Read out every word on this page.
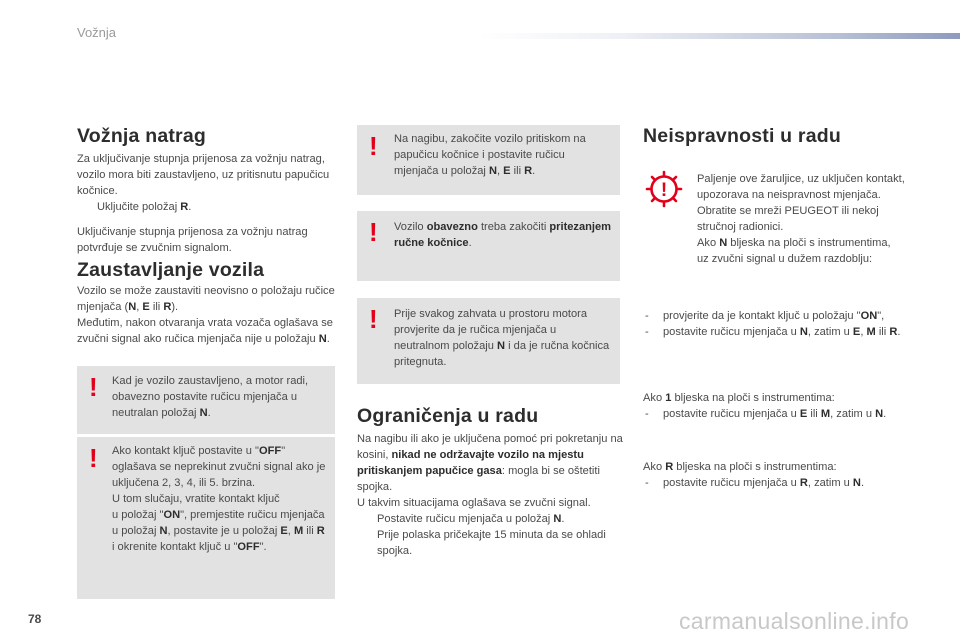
Vožnja
Vožnja natrag

Za uključivanje stupnja prijenosa za vožnju natrag, vozilo mora biti zaustavljeno, uz pritisnutu papučicu kočnice.

Uključite položaj R.

Uključivanje stupnja prijenosa za vožnju natrag potvrđuje se zvučnim signalom.

Zaustavljanje vozila

Vozilo se može zaustaviti neovisno o položaju ručice mjenjača (N, E ili R).

Međutim, nakon otvaranja vrata vozača oglašava se zvučni signal ako ručica mjenjača nije u položaju N.

! Kad je vozilo zaustavljeno, a motor radi, obavezno postavite ručicu mjenjača u neutralan položaj N.
! Ako kontakt ključ postavite u "OFF" oglašava se neprekinut zvučni signal ako je uključena 2, 3, 4, ili 5. brzina.

U tom slučaju, vratite kontakt ključ

u položaj "ON", premjestite ručicu mjenjača u položaj N, postavite je u položaj E, M ili R i okrenite kontakt ključ u "OFF".

! Na nagibu, zakočite vozilo pritiskom na papučicu kočnice i postavite ručicu mjenjača u položaj N, E ili R.
! Vozilo obavezno treba zakočiti pritezanjem ručne kočnice.
! Prije svakog zahvata u prostoru motora provjerite da je ručica mjenjača u neutralnom položaju N i da je ručna kočnica pritegnuta.
Ograničenja u radu

Na nagibu ili ako je uključena pomoć pri pokretanju na kosini, nikad ne održavajte vozilo na mjestu pritiskanjem papučice gasa: mogla bi se oštetiti spojka.

U takvim situacijama oglašava se zvučni signal.

Postavite ručicu mjenjača u položaj N.

Prije polaska pričekajte 15 minuta da se ohladi spojka.

Neispravnosti u radu
!

Paljenje ove žaruljice, uz uključen kontakt, upozorava na neispravnost mjenjača.

Obratite se mreži PEUGEOT ili nekoj stručnoj radionici.

Ako N bljeska na ploči s instrumentima, uz zvučni signal u dužem razdoblju:

- provjerite da je kontakt ključ u položaju "ON",

- postavite ručicu mjenjača u N, zatim u E, M ili R.

Ako 1 bljeska na ploči s instrumentima:

- postavite ručicu mjenjača u E ili M, zatim u N.

Ako R bljeska na ploči s instrumentima:

- postavite ručicu mjenjača u R, zatim u N.

78	carmanualsonline.info
